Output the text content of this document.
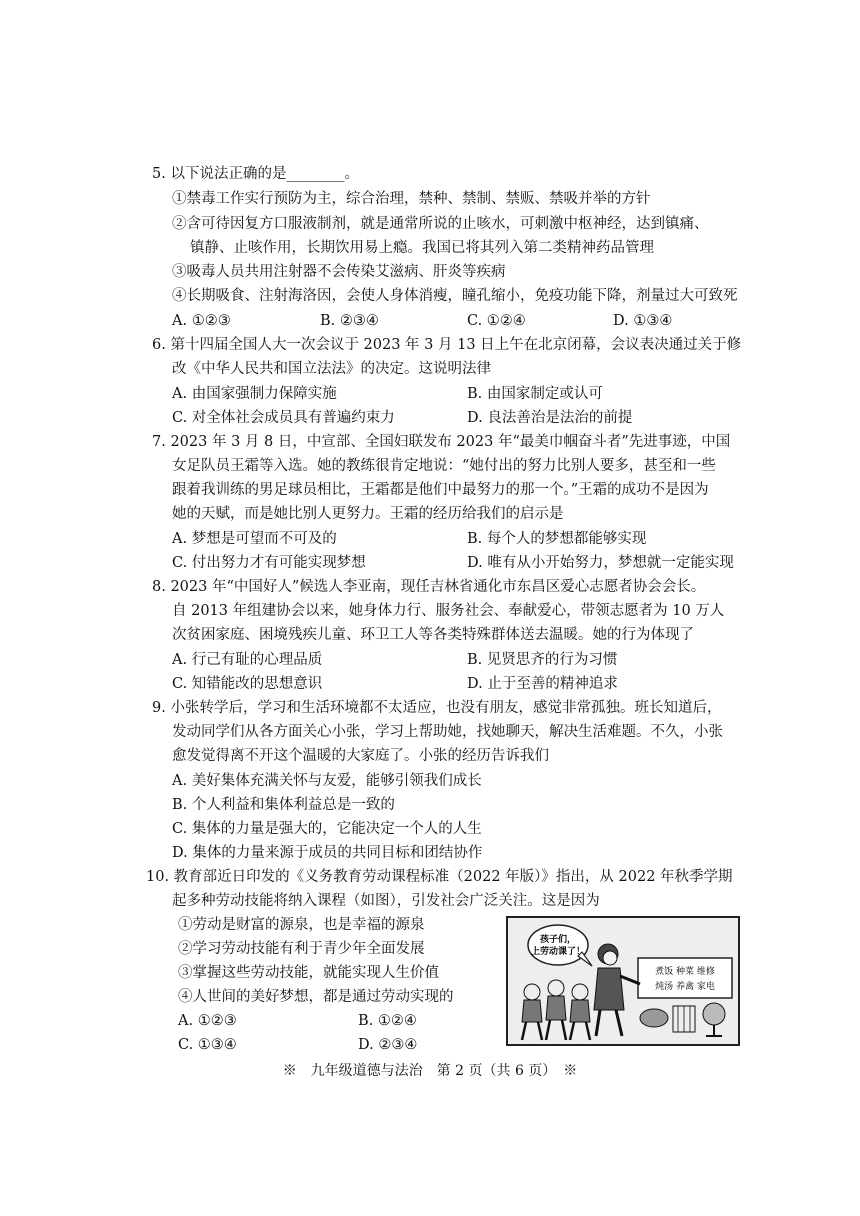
5. 以下说法正确的是________。
①禁毒工作实行预防为主，综合治理，禁种、禁制、禁贩、禁吸并举的方针
②含可待因复方口服液制剂，就是通常所说的止咳水，可刺激中枢神经，达到镇痛、
镇静、止咳作用，长期饮用易上瘾。我国已将其列入第二类精神药品管理
③吸毒人员共用注射器不会传染艾滋病、肝炎等疾病
④长期吸食、注射海洛因，会使人身体消瘦，瞳孔缩小，免疫功能下降，剂量过大可致死
A. ①②③	B. ②③④	C. ①②④	D. ①③④
6. 第十四届全国人大一次会议于 2023 年 3 月 13 日上午在北京闭幕，会议表决通过关于修
改《中华人民共和国立法法》的决定。这说明法律
A. 由国家强制力保障实施	B. 由国家制定或认可
C. 对全体社会成员具有普遍约束力	D. 良法善治是法治的前提
7. 2023 年 3 月 8 日，中宣部、全国妇联发布 2023 年“最美巾帼奋斗者”先进事迹，中国
女足队员王霜等入选。她的教练很肯定地说：“她付出的努力比别人要多，甚至和一些
跟着我训练的男足球员相比，王霜都是他们中最努力的那一个。”王霜的成功不是因为
她的天赋，而是她比别人更努力。王霜的经历给我们的启示是
A. 梦想是可望而不可及的	B. 每个人的梦想都能够实现
C. 付出努力才有可能实现梦想	D. 唯有从小开始努力，梦想就一定能实现
8. 2023 年“中国好人”候选人李亚南，现任吉林省通化市东昌区爱心志愿者协会会长。
自 2013 年组建协会以来，她身体力行、服务社会、奉献爱心，带领志愿者为 10 万人
次贫困家庭、困境残疾儿童、环卫工人等各类特殊群体送去温暖。她的行为体现了
A. 行己有耻的心理品质	B. 见贤思齐的行为习惯
C. 知错能改的思想意识	D. 止于至善的精神追求
9. 小张转学后，学习和生活环境都不太适应，也没有朋友，感觉非常孤独。班长知道后，
发动同学们从各方面关心小张，学习上帮助她，找她聊天，解决生活难题。不久，小张
愈发觉得离不开这个温暖的大家庭了。小张的经历告诉我们
A. 美好集体充满关怀与友爱，能够引领我们成长
B. 个人利益和集体利益总是一致的
C. 集体的力量是强大的，它能决定一个人的人生
D. 集体的力量来源于成员的共同目标和团结协作
10. 教育部近日印发的《义务教育劳动课程标准（2022 年版）》指出，从 2022 年秋季学期
起多种劳动技能将纳入课程（如图），引发社会广泛关注。这是因为
①劳动是财富的源泉，也是幸福的源泉
②学习劳动技能有利于青少年全面发展
③掌握这些劳动技能，就能实现人生价值
④人世间的美好梦想，都是通过劳动实现的
A. ①②③	B. ①②④
C. ①③④	D. ②③④
孩子们，
上劳动课了！
煮饭 种菜 维修
炖汤 养禽 家电
※　九年级道德与法治　第 2 页（共 6 页）　※
